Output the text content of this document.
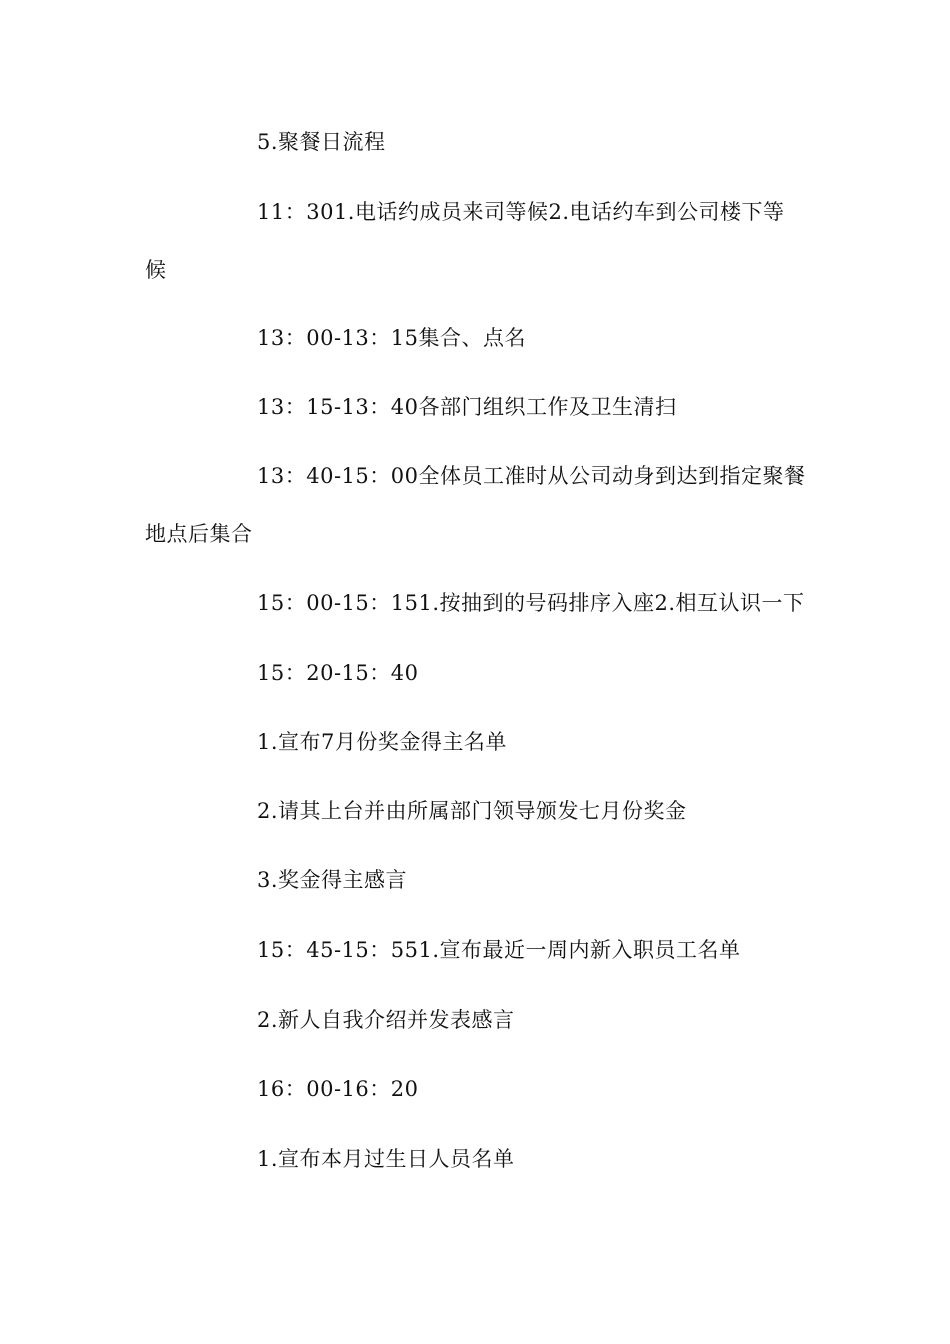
5.聚餐日流程
11：301.电话约成员来司等候2.电话约车到公司楼下等
候
13：00-13：15集合、点名
13：15-13：40各部门组织工作及卫生清扫
13：40-15：00全体员工准时从公司动身到达到指定聚餐
地点后集合
15：00-15：151.按抽到的号码排序入座2.相互认识一下
15：20-15：40
1.宣布7月份奖金得主名单
2.请其上台并由所属部门领导颁发七月份奖金
3.奖金得主感言
15：45-15：551.宣布最近一周内新入职员工名单
2.新人自我介绍并发表感言
16：00-16：20
1.宣布本月过生日人员名单
